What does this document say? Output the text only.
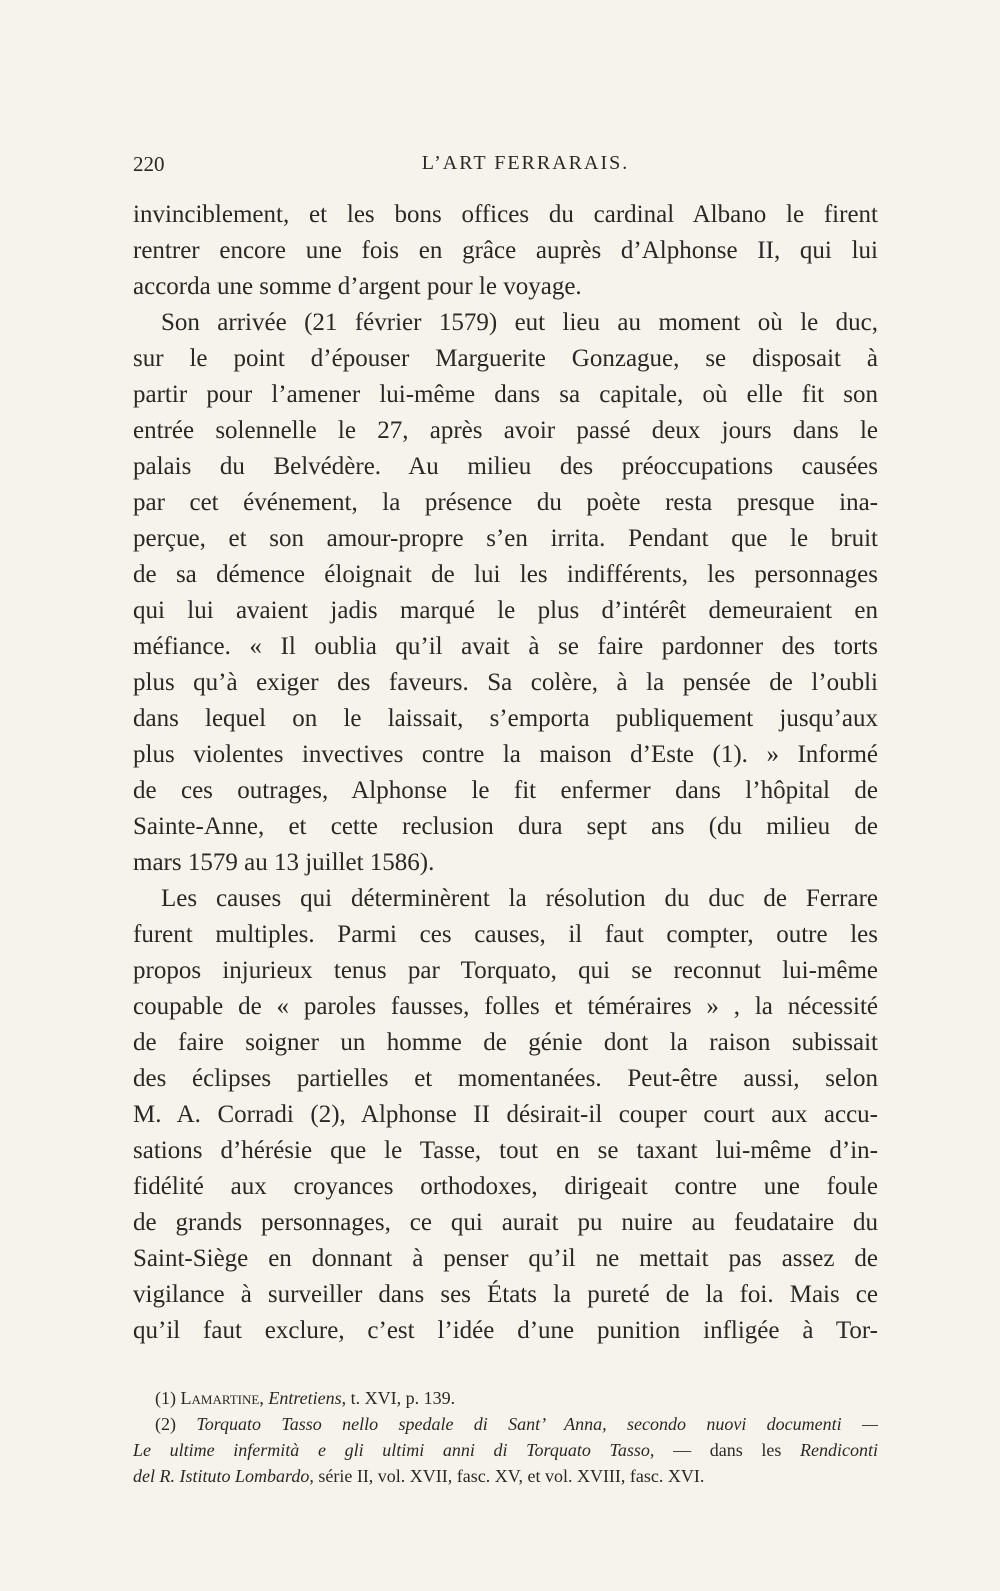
220	L’ART FERRARAIS.

invinciblement, et les bons offices du cardinal Albano le firent

rentrer encore une fois en grâce auprès d’Alphonse II, qui lui

accorda une somme d’argent pour le voyage.

Son arrivée (21 février 1579) eut lieu au moment où le duc,

sur le point d’épouser Marguerite Gonzague, se disposait à

partir pour l’amener lui-même dans sa capitale, où elle fit son

entrée solennelle le 27, après avoir passé deux jours dans le

palais du Belvédère. Au milieu des préoccupations causées

par cet événement, la présence du poète resta presque ina-

perçue, et son amour-propre s’en irrita. Pendant que le bruit

de sa démence éloignait de lui les indifférents, les personnages

qui lui avaient jadis marqué le plus d’intérêt demeuraient en

méfiance. « Il oublia qu’il avait à se faire pardonner des torts

plus qu’à exiger des faveurs. Sa colère, à la pensée de l’oubli

dans lequel on le laissait, s’emporta publiquement jusqu’aux

plus violentes invectives contre la maison d’Este (1). » Informé

de ces outrages, Alphonse le fit enfermer dans l’hôpital de

Sainte-Anne, et cette reclusion dura sept ans (du milieu de

mars 1579 au 13 juillet 1586).

Les causes qui déterminèrent la résolution du duc de Ferrare

furent multiples. Parmi ces causes, il faut compter, outre les

propos injurieux tenus par Torquato, qui se reconnut lui-même

coupable de « paroles fausses, folles et téméraires » , la nécessité

de faire soigner un homme de génie dont la raison subissait

des éclipses partielles et momentanées. Peut-être aussi, selon

M. A. Corradi (2), Alphonse II désirait-il couper court aux accu-

sations d’hérésie que le Tasse, tout en se taxant lui-même d’in-

fidélité aux croyances orthodoxes, dirigeait contre une foule

de grands personnages, ce qui aurait pu nuire au feudataire du

Saint-Siège en donnant à penser qu’il ne mettait pas assez de

vigilance à surveiller dans ses États la pureté de la foi. Mais ce

qu’il faut exclure, c’est l’idée d’une punition infligée à Tor-

(1) Lamartine, Entretiens, t. XVI, p. 139.

(2) Torquato Tasso nello spedale di Sant’ Anna, secondo nuovi documenti —

Le ultime infermità e gli ultimi anni di Torquato Tasso, — dans les Rendiconti

del R. Istituto Lombardo, série II, vol. XVII, fasc. XV, et vol. XVIII, fasc. XVI.
